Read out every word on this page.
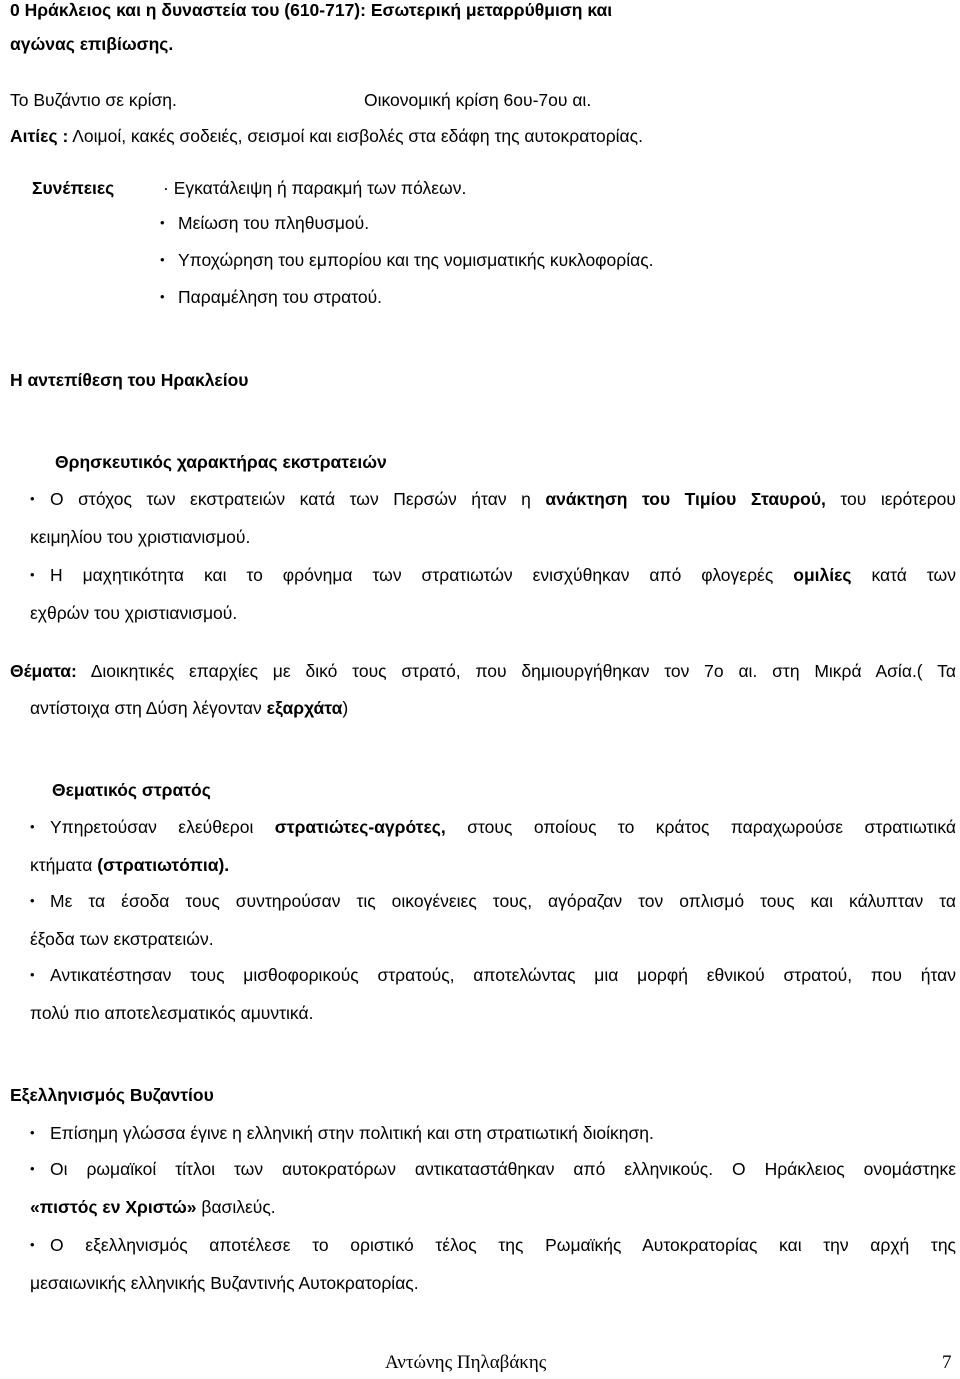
0 Ηράκλειος και η δυναστεία του (610-717): Εσωτερική μεταρρύθμιση και
αγώνας επιβίωσης.
Το Βυζάντιο σε κρίση.	Οικονομική κρίση 6ου-7ου αι.
Αιτίες : Λοιμοί, κακές σοδειές, σεισμοί και εισβολές στα εδάφη της αυτοκρατορίας.
Συνέπειες	· Εγκατάλειψη ή παρακμή των πόλεων.
• Μείωση του πληθυσμού.
• Υποχώρηση του εμπορίου και της νομισματικής κυκλοφορίας.
• Παραμέληση του στρατού.
Η αντεπίθεση του Ηρακλείου
Θρησκευτικός χαρακτήρας εκστρατειών
• Ο στόχος των εκστρατειών κατά των Περσών ήταν η ανάκτηση του Τιμίου Σταυρού, του ιερότερου
κειμηλίου του χριστιανισμού.
• Η μαχητικότητα και το φρόνημα των στρατιωτών ενισχύθηκαν από φλογερές ομιλίες κατά των
εχθρών του χριστιανισμού.
Θέματα: Διοικητικές επαρχίες με δικό τους στρατό, που δημιουργήθηκαν τον 7ο αι. στη Μικρά Ασία.( Τα
αντίστοιχα στη Δύση λέγονταν εξαρχάτα)
Θεματικός στρατός
• Υπηρετούσαν ελεύθεροι στρατιώτες-αγρότες, στους οποίους το κράτος παραχωρούσε στρατιωτικά
κτήματα (στρατιωτόπια).
• Με τα έσοδα τους συντηρούσαν τις οικογένειες τους, αγόραζαν τον οπλισμό τους και κάλυπταν τα
έξοδα των εκστρατειών.
• Αντικατέστησαν τους μισθοφορικούς στρατούς, αποτελώντας μια μορφή εθνικού στρατού, που ήταν
πολύ πιο αποτελεσματικός αμυντικά.
Εξελληνισμός Βυζαντίου
• Επίσημη γλώσσα έγινε η ελληνική στην πολιτική και στη στρατιωτική διοίκηση.
• Οι ρωμαϊκοί τίτλοι των αυτοκρατόρων αντικαταστάθηκαν από ελληνικούς. Ο Ηράκλειος ονομάστηκε
«πιστός εν Χριστώ» βασιλεύς.
• Ο εξελληνισμός αποτέλεσε το οριστικό τέλος της Ρωμαϊκής Αυτοκρατορίας και την αρχή της
μεσαιωνικής ελληνικής Βυζαντινής Αυτοκρατορίας.
Αντώνης Πηλαβάκης	7
